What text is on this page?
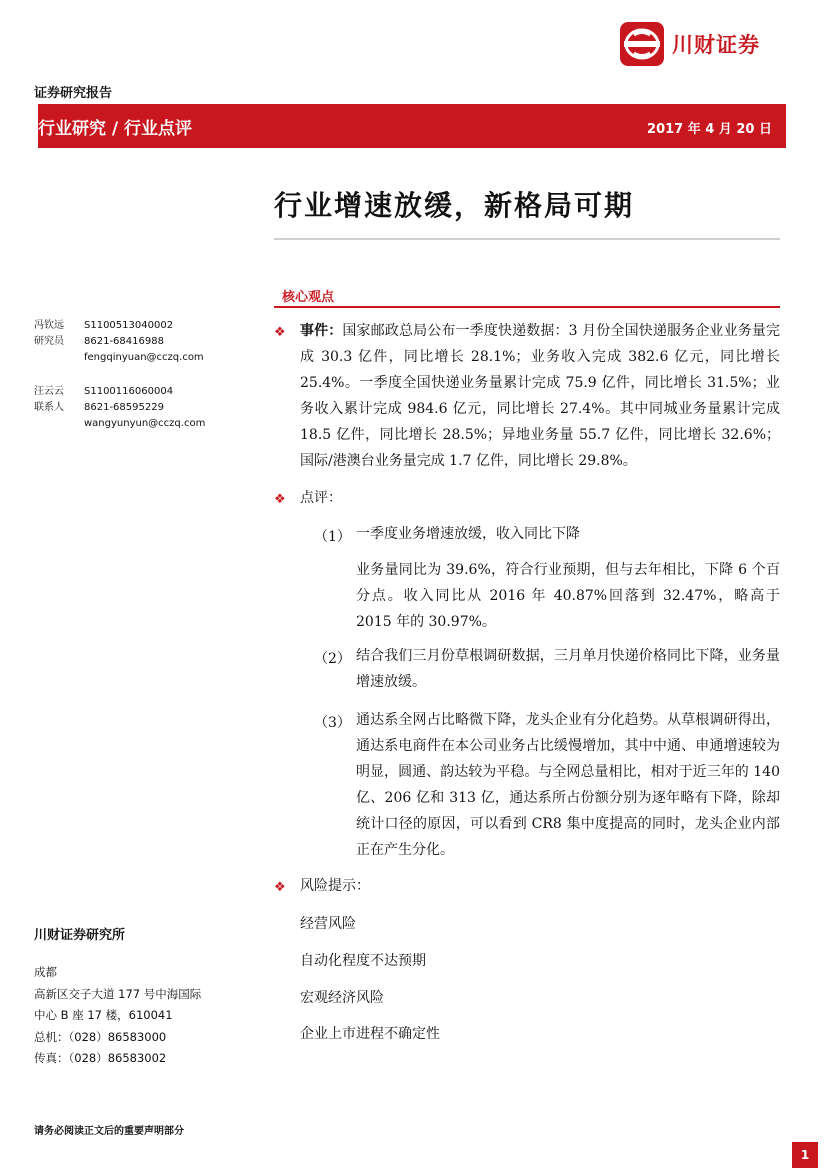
川财证券
证券研究报告
行业研究 / 行业点评	2017 年 4 月 20 日
行业增速放缓，新格局可期
核心观点
冯钦远	S1100513040002
研究员	8621-68416988
fengqinyuan@cczq.com
汪云云	S1100116060004
联系人	8621-68595229
wangyunyun@cczq.com
川财证券研究所
成都
高新区交子大道 177 号中海国际
中心 B 座 17 楼，610041
总机：（028）86583000
传真：（028）86583002
❖ 事件：国家邮政总局公布一季度快递数据：3 月份全国快递服务企业业务量完成 30.3 亿件，同比增长 28.1%；业务收入完成 382.6 亿元，同比增长 25.4%。一季度全国快递业务量累计完成 75.9 亿件，同比增长 31.5%；业务收入累计完成 984.6 亿元，同比增长 27.4%。其中同城业务量累计完成 18.5 亿件，同比增长 28.5%；异地业务量 55.7 亿件，同比增长 32.6%；国际/港澳台业务量完成 1.7 亿件，同比增长 29.8%。
❖ 点评：
（1） 一季度业务增速放缓，收入同比下降
业务量同比为 39.6%，符合行业预期，但与去年相比，下降 6 个百分点。收入同比从 2016 年 40.87%回落到 32.47%，略高于 2015 年的 30.97%。
（2） 结合我们三月份草根调研数据，三月单月快递价格同比下降，业务量增速放缓。
（3） 通达系全网占比略微下降，龙头企业有分化趋势。从草根调研得出，通达系电商件在本公司业务占比缓慢增加，其中中通、申通增速较为明显，圆通、韵达较为平稳。与全网总量相比，相对于近三年的 140 亿、206 亿和 313 亿，通达系所占份额分别为逐年略有下降，除却统计口径的原因，可以看到 CR8 集中度提高的同时，龙头企业内部正在产生分化。
❖ 风险提示：
经营风险
自动化程度不达预期
宏观经济风险
企业上市进程不确定性
请务必阅读正文后的重要声明部分
1
